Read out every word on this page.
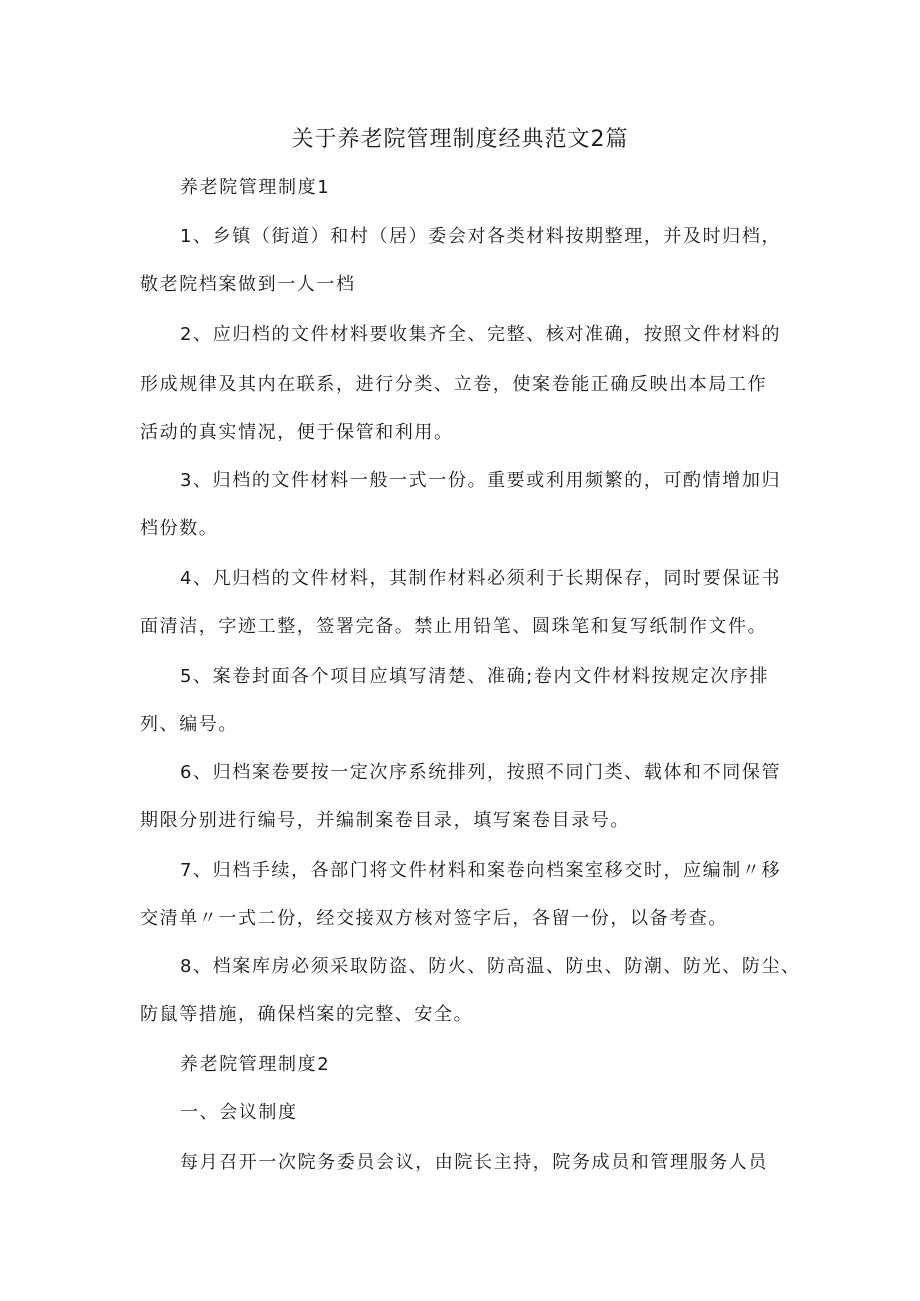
关于养老院管理制度经典范文2篇
养老院管理制度1
1、乡镇（街道）和村（居）委会对各类材料按期整理，并及时归档，
敬老院档案做到一人一档
2、应归档的文件材料要收集齐全、完整、核对准确，按照文件材料的
形成规律及其内在联系，进行分类、立卷，使案卷能正确反映出本局工作
活动的真实情况，便于保管和利用。
3、归档的文件材料一般一式一份。重要或利用频繁的，可酌情增加归
档份数。
4、凡归档的文件材料，其制作材料必须利于长期保存，同时要保证书
面清洁，字迹工整，签署完备。禁止用铅笔、圆珠笔和复写纸制作文件。
5、案卷封面各个项目应填写清楚、准确;卷内文件材料按规定次序排
列、编号。
6、归档案卷要按一定次序系统排列，按照不同门类、载体和不同保管
期限分别进行编号，并编制案卷目录，填写案卷目录号。
7、归档手续，各部门将文件材料和案卷向档案室移交时，应编制〃移
交清单〃一式二份，经交接双方核对签字后，各留一份，以备考查。
8、档案库房必须采取防盗、防火、防高温、防虫、防潮、防光、防尘、
防鼠等措施，确保档案的完整、安全。
养老院管理制度2
一、会议制度
每月召开一次院务委员会议，由院长主持，院务成员和管理服务人员
